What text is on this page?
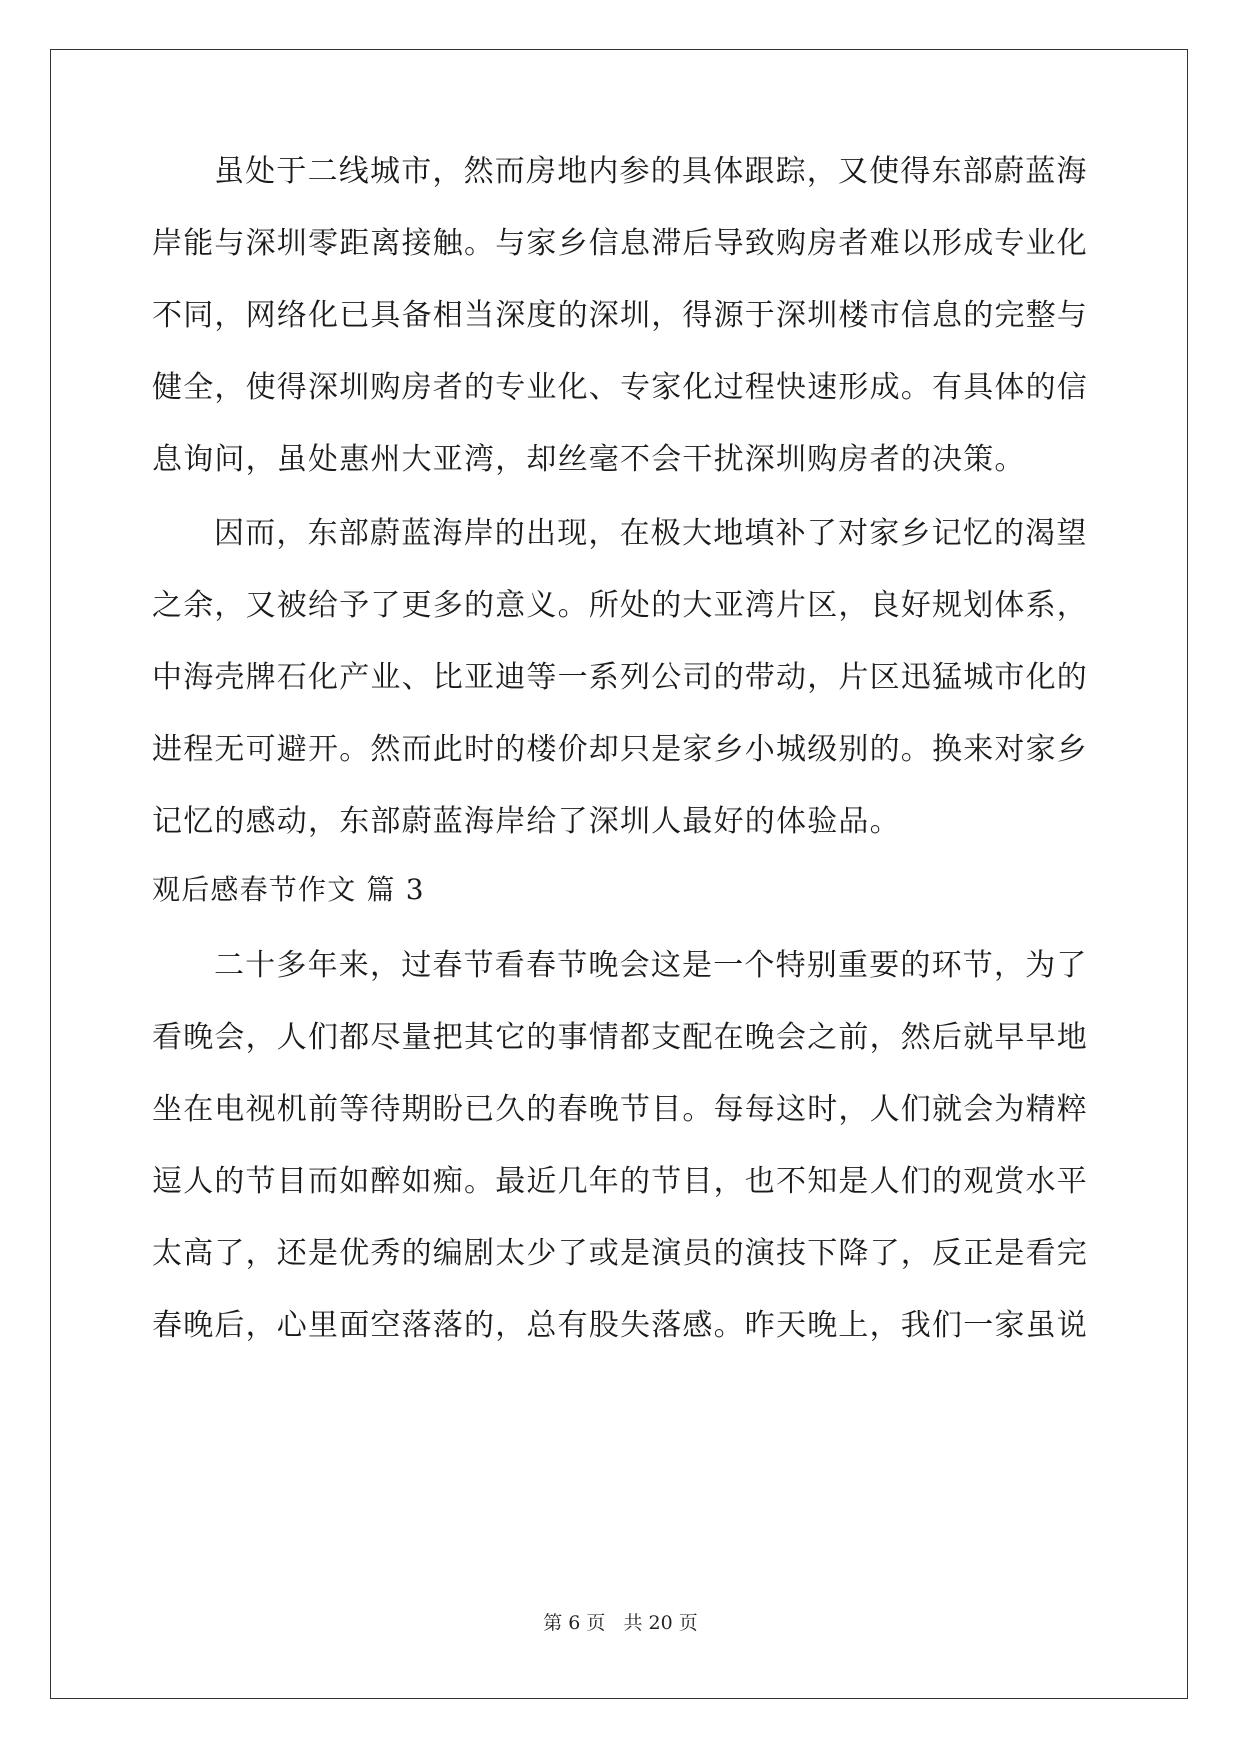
虽处于二线城市，然而房地内参的具体跟踪，又使得东部蔚蓝海
岸能与深圳零距离接触。与家乡信息滞后导致购房者难以形成专业化
不同，网络化已具备相当深度的深圳，得源于深圳楼市信息的完整与
健全，使得深圳购房者的专业化、专家化过程快速形成。有具体的信
息询问，虽处惠州大亚湾，却丝毫不会干扰深圳购房者的决策。
因而，东部蔚蓝海岸的出现，在极大地填补了对家乡记忆的渴望
之余，又被给予了更多的意义。所处的大亚湾片区，良好规划体系，
中海壳牌石化产业、比亚迪等一系列公司的带动，片区迅猛城市化的
进程无可避开。然而此时的楼价却只是家乡小城级别的。换来对家乡
记忆的感动，东部蔚蓝海岸给了深圳人最好的体验品。
观后感春节作文 篇 3
二十多年来，过春节看春节晚会这是一个特别重要的环节，为了
看晚会，人们都尽量把其它的事情都支配在晚会之前，然后就早早地
坐在电视机前等待期盼已久的春晚节目。每每这时，人们就会为精粹
逗人的节目而如醉如痴。最近几年的节目，也不知是人们的观赏水平
太高了，还是优秀的编剧太少了或是演员的演技下降了，反正是看完
春晚后，心里面空落落的，总有股失落感。昨天晚上，我们一家虽说
第 6 页 共 20 页
